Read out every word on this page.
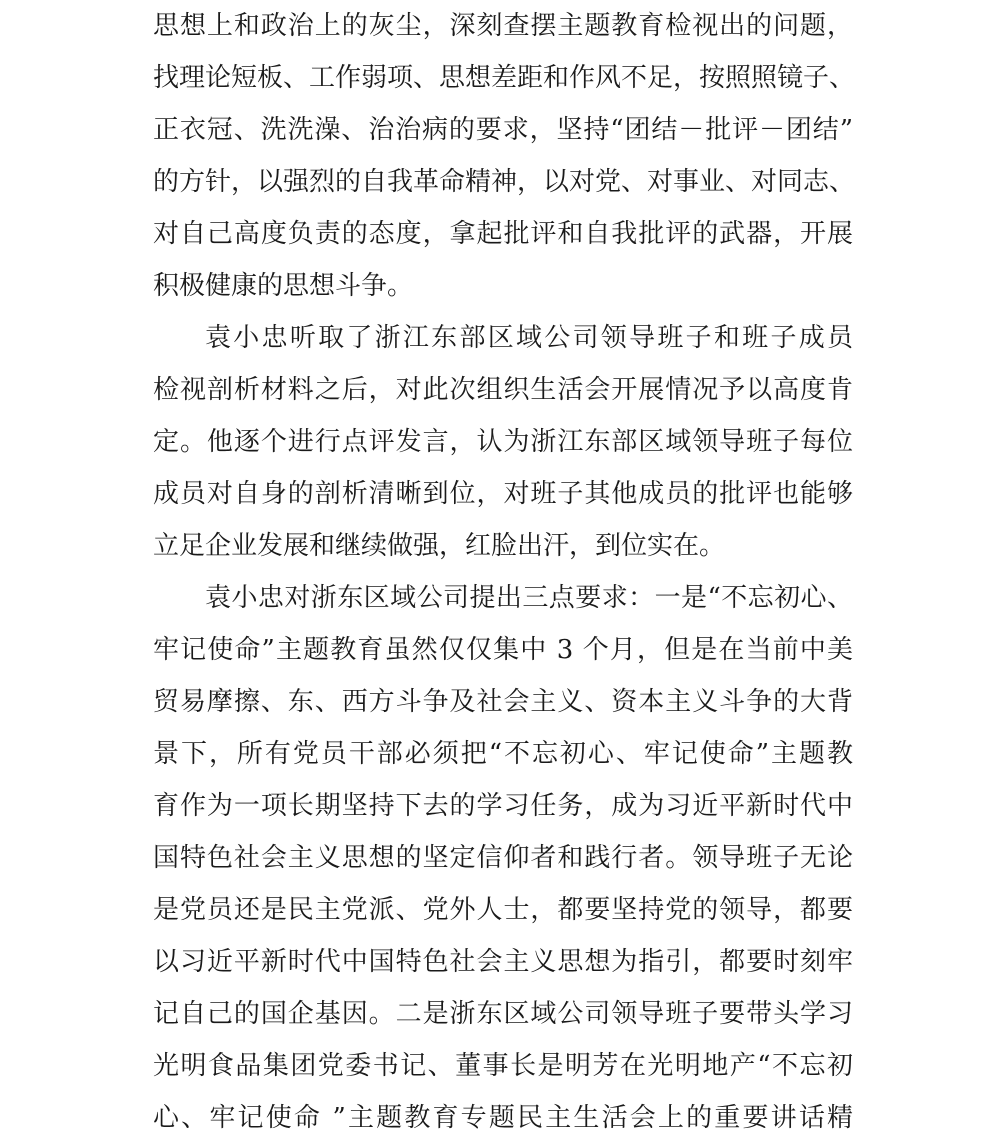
思想上和政治上的灰尘，深刻查摆主题教育检视出的问题，
找理论短板、工作弱项、思想差距和作风不足，按照照镜子、
正衣冠、洗洗澡、治治病的要求，坚持“团结－批评－团结”
的方针，以强烈的自我革命精神，以对党、对事业、对同志、
对自己高度负责的态度，拿起批评和自我批评的武器，开展
积极健康的思想斗争。
袁小忠听取了浙江东部区域公司领导班子和班子成员
检视剖析材料之后，对此次组织生活会开展情况予以高度肯
定。他逐个进行点评发言，认为浙江东部区域领导班子每位
成员对自身的剖析清晰到位，对班子其他成员的批评也能够
立足企业发展和继续做强，红脸出汗，到位实在。
袁小忠对浙东区域公司提出三点要求：一是“不忘初心、
牢记使命”主题教育虽然仅仅集中 3 个月，但是在当前中美
贸易摩擦、东、西方斗争及社会主义、资本主义斗争的大背
景下，所有党员干部必须把“不忘初心、牢记使命”主题教
育作为一项长期坚持下去的学习任务，成为习近平新时代中
国特色社会主义思想的坚定信仰者和践行者。领导班子无论
是党员还是民主党派、党外人士，都要坚持党的领导，都要
以习近平新时代中国特色社会主义思想为指引，都要时刻牢
记自己的国企基因。二是浙东区域公司领导班子要带头学习
光明食品集团党委书记、董事长是明芳在光明地产“不忘初
心、牢记使命 ”主题教育专题民主生活会上的重要讲话精
